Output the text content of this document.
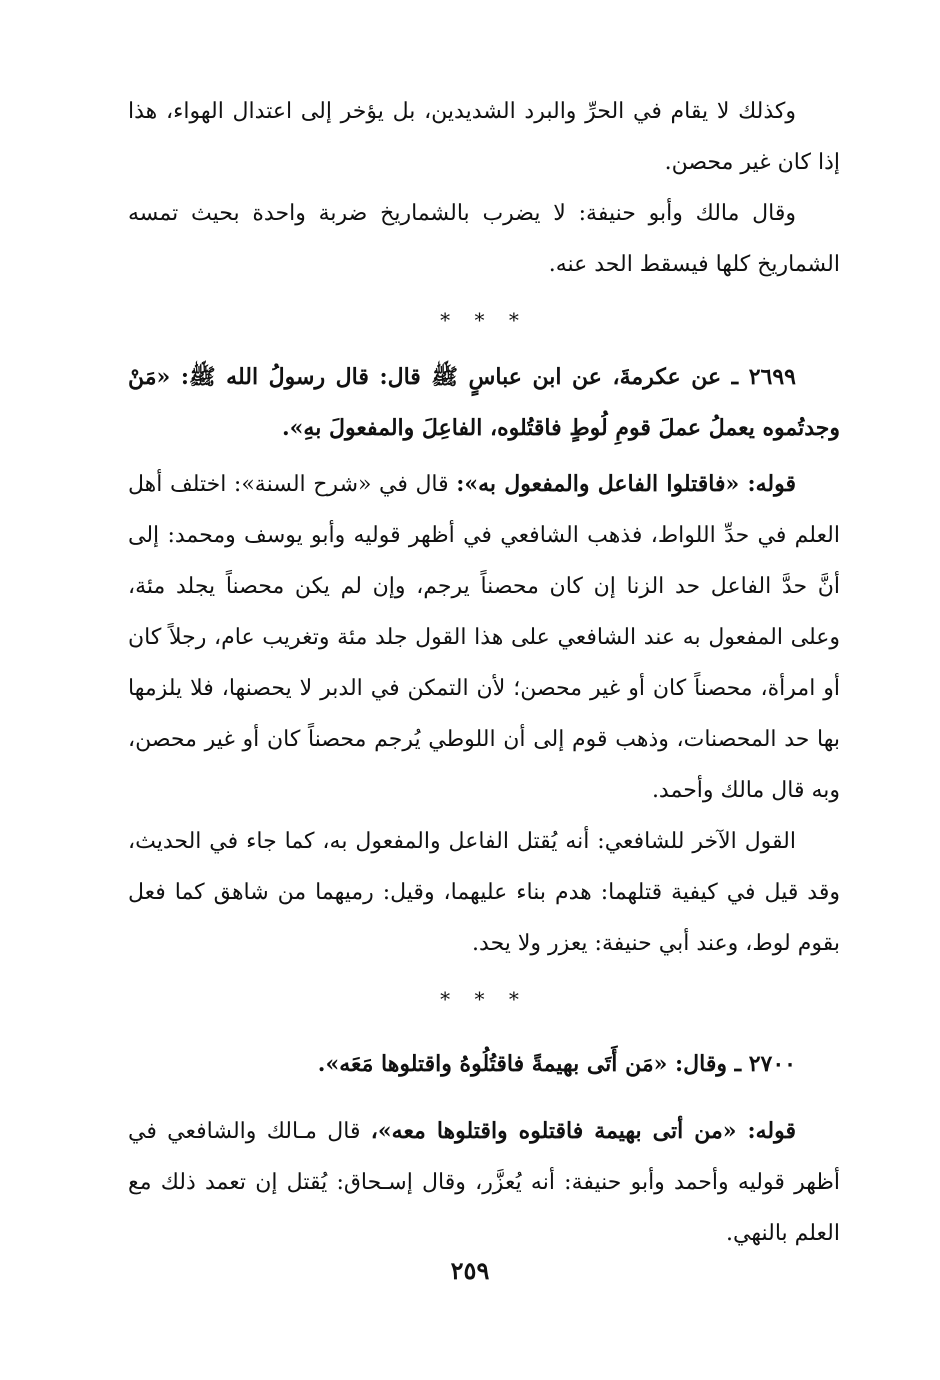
وكذلك لا يقام في الحرِّ والبرد الشديدين، بل يؤخر إلى اعتدال الهواء، هذا إذا كان غير محصن.

وقال مالك وأبو حنيفة: لا يضرب بالشماريخ ضربة واحدة بحيث تمسه الشماريخ كلها فيسقط الحد عنه.

* * *

٢٦٩٩ ـ عن عكرمةَ، عن ابن عباسٍ ﷺ قال: قال رسولُ الله ﷺ: «مَنْ وجدتُموه يعملُ عملَ قومِ لُوطٍ فاقتُلوه، الفاعِلَ والمفعولَ بهِ».

قوله: «فاقتلوا الفاعل والمفعول به»: قال في «شرح السنة»: اختلف أهل العلم في حدِّ اللواط، فذهب الشافعي في أظهر قوليه وأبو يوسف ومحمد: إلى أنَّ حدَّ الفاعل حد الزنا إن كان محصناً يرجم، وإن لم يكن محصناً يجلد مئة، وعلى المفعول به عند الشافعي على هذا القول جلد مئة وتغريب عام، رجلاً كان أو امرأة، محصناً كان أو غير محصن؛ لأن التمكن في الدبر لا يحصنها، فلا يلزمها بها حد المحصنات، وذهب قوم إلى أن اللوطي يُرجم محصناً كان أو غير محصن، وبه قال مالك وأحمد.

القول الآخر للشافعي: أنه يُقتل الفاعل والمفعول به، كما جاء في الحديث، وقد قيل في كيفية قتلهما: هدم بناء عليهما، وقيل: رميهما من شاهق كما فعل بقوم لوط، وعند أبي حنيفة: يعزر ولا يحد.

* * *

٢٧٠٠ ـ وقال: «مَن أَتَى بهيمةً فاقتُلُوهُ واقتلوها مَعَه».

قوله: «من أتى بهيمة فاقتلوه واقتلوها معه»، قال مـالك والشافعي في أظهر قوليه وأحمد وأبو حنيفة: أنه يُعزَّر، وقال إسـحاق: يُقتل إن تعمد ذلك مع العلم بالنهي.

٢٥٩
